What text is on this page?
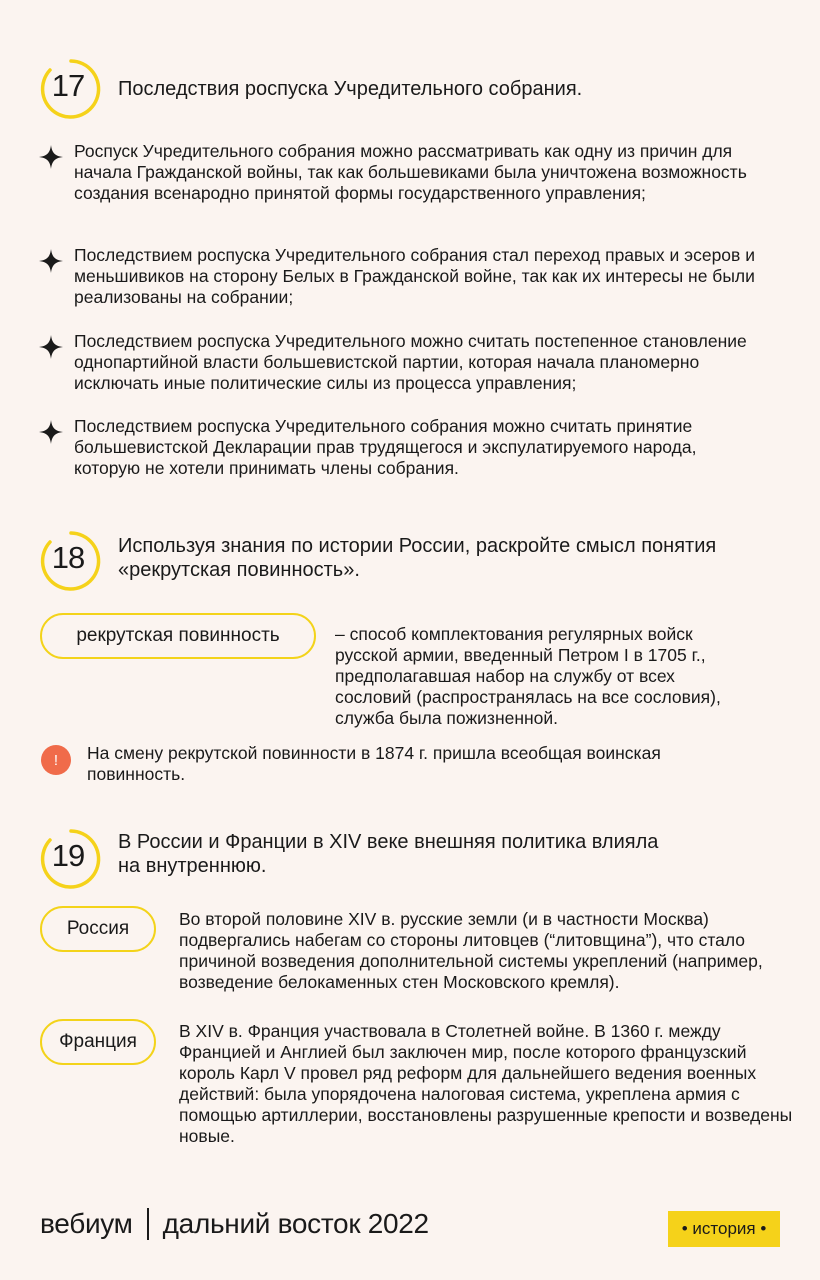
17	Последствия роспуска Учредительного собрания.
Роспуск Учредительного собрания можно рассматривать как одну из причин для начала Гражданской войны, так как большевиками была уничтожена возможность создания всенародно принятой формы государственного управления;
Последствием роспуска Учредительного собрания стал переход правых и эсеров и меньшивиков на сторону Белых в Гражданской войне, так как их интересы не были реализованы на собрании;
Последствием роспуска Учредительного можно считать постепенное становление однопартийной власти большевистской партии, которая начала планомерно исключать иные политические силы из процесса управления;
Последствием роспуска Учредительного собрания можно считать принятие большевистской Декларации прав трудящегося и экспулатируемого народа, которую не хотели принимать члены собрания.
18	Используя знания по истории России, раскройте смысл понятия «рекрутская повинность».
рекрутская повинность	– способ комплектования регулярных войск русской армии, введенный Петром I в 1705 г., предполагавшая набор на службу от всех сословий (распространялась на все сословия), служба была пожизненной.
!	На смену рекрутской повинности в 1874 г. пришла всеобщая воинская повинность.
19	В России и Франции в XIV веке внешняя политика влияла на внутреннюю.
Россия	Во второй половине XIV в. русские земли (и в частности Москва) подвергались набегам со стороны литовцев (“литовщина”), что стало причиной возведения дополнительной системы укреплений (например, возведение белокаменных стен Московского кремля).
Франция	В XIV в. Франция участвовала в Столетней войне. В 1360 г. между Францией и Англией был заключен мир, после которого французский король Карл V провел ряд реформ для дальнейшего ведения военных действий: была упорядочена налоговая система, укреплена армия с помощью артиллерии, восстановлены разрушенные крепости и возведены новые.
вебиум дальний восток 2022	• история •
